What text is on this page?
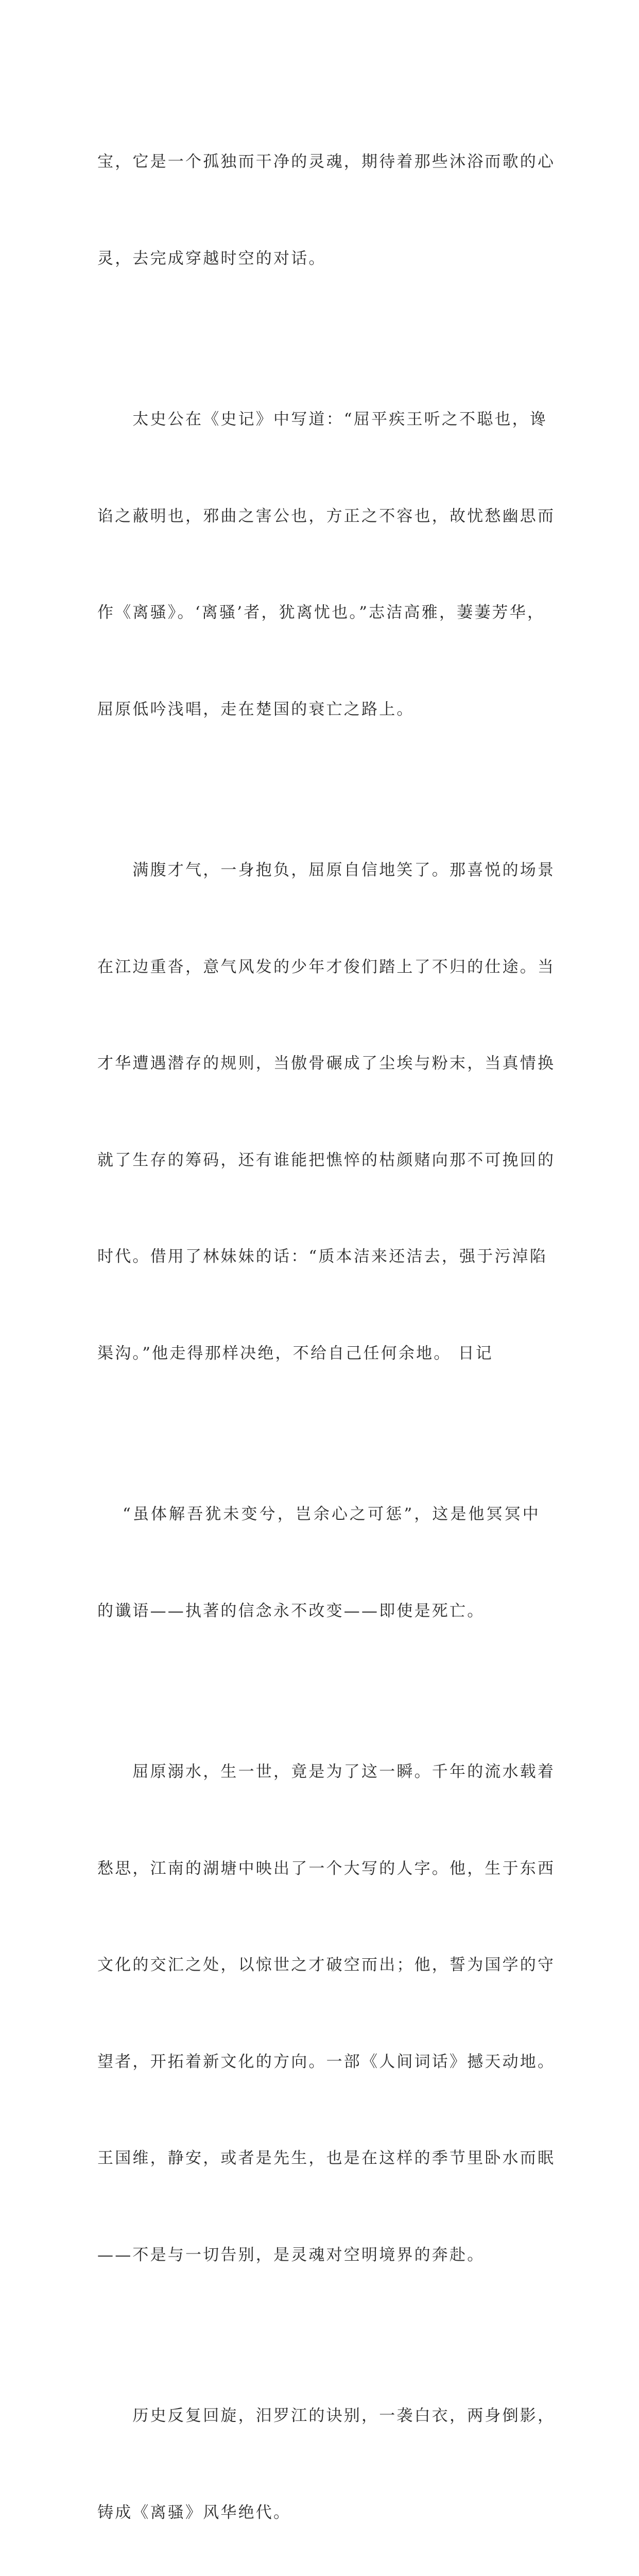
宝，它是一个孤独而干净的灵魂，期待着那些沐浴而歌的心

灵，去完成穿越时空的对话。

　　太史公在《史记》中写道：“屈平疾王听之不聪也，谗

谄之蔽明也，邪曲之害公也，方正之不容也，故忧愁幽思而

作《离骚》。‘离骚’者，犹离忧也。”志洁高雅，萋萋芳华，

屈原低吟浅唱，走在楚国的衰亡之路上。

　　满腹才气，一身抱负，屈原自信地笑了。那喜悦的场景

在江边重沓，意气风发的少年才俊们踏上了不归的仕途。当

才华遭遇潜存的规则，当傲骨碾成了尘埃与粉末，当真情换

就了生存的筹码，还有谁能把憔悴的枯颜赌向那不可挽回的

时代。借用了林妹妹的话：“质本洁来还洁去，强于污淖陷

渠沟。”他走得那样决绝，不给自己任何余地。 日记

　 “虽体解吾犹未变兮，岂余心之可惩”，这是他冥冥中

的谶语——执著的信念永不改变——即使是死亡。

　　屈原溺水，生一世，竟是为了这一瞬。千年的流水载着

愁思，江南的湖塘中映出了一个大写的人字。他，生于东西

文化的交汇之处，以惊世之才破空而出；他，誓为国学的守

望者，开拓着新文化的方向。一部《人间词话》撼天动地。

王国维，静安，或者是先生，也是在这样的季节里卧水而眠

——不是与一切告别，是灵魂对空明境界的奔赴。

　　历史反复回旋，汨罗江的诀别，一袭白衣，两身倒影，

铸成《离骚》风华绝代。
